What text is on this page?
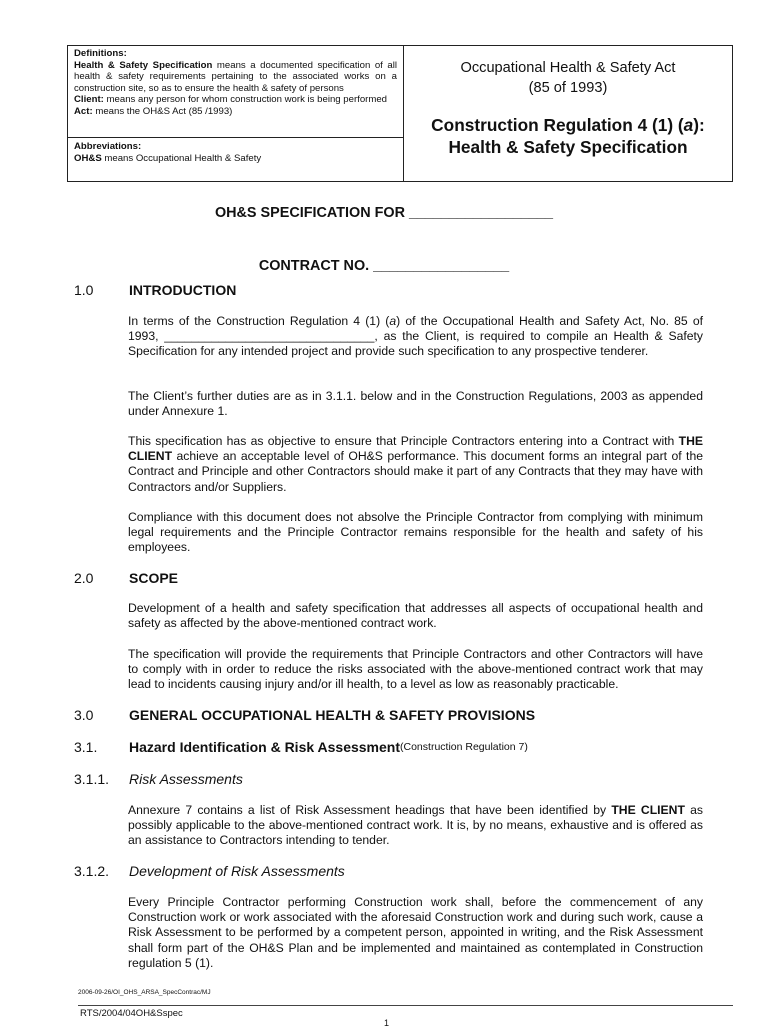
Definitions:
Health & Safety Specification means a documented specification of all health & safety requirements pertaining to the associated works on a construction site, so as to ensure the health & safety of persons
Client: means any person for whom construction work is being performed
Act: means the OH&S Act (85 /1993)
Abbreviations:
OH&S means Occupational Health & Safety
Occupational Health & Safety Act
(85 of 1993)
Construction Regulation 4 (1) (a):
Health & Safety Specification
OH&S SPECIFICATION FOR __________________
CONTRACT NO. _________________
1.0	INTRODUCTION

In terms of the Construction Regulation 4 (1) (a) of the Occupational Health and Safety Act, No. 85 of 1993, _______________________________, as the Client, is required to compile an Health & Safety Specification for any intended project and provide such specification to any prospective tenderer.

The Client’s further duties are as in 3.1.1. below and in the Construction Regulations, 2003 as appended under Annexure 1.

This specification has as objective to ensure that Principle Contractors entering into a Contract with THE CLIENT achieve an acceptable level of OH&S performance. This document forms an integral part of the Contract and Principle and other Contractors should make it part of any Contracts that they may have with Contractors and/or Suppliers.

Compliance with this document does not absolve the Principle Contractor from complying with minimum legal requirements and the Principle Contractor remains responsible for the health and safety of his employees.

2.0	SCOPE

Development of a health and safety specification that addresses all aspects of occupational health and safety as affected by the above-mentioned contract work.

The specification will provide the requirements that Principle Contractors and other Contractors will have to comply with in order to reduce the risks associated with the above-mentioned contract work that may lead to incidents causing injury and/or ill health, to a level as low as reasonably practicable.

3.0	GENERAL OCCUPATIONAL HEALTH & SAFETY PROVISIONS
3.1.	Hazard Identification & Risk Assessment (Construction Regulation 7)
3.1.1.	Risk Assessments

Annexure 7 contains a list of Risk Assessment headings that have been identified by THE CLIENT as possibly applicable to the above-mentioned contract work. It is, by no means, exhaustive and is offered as an assistance to Contractors intending to tender.

3.1.2.	Development of Risk Assessments

Every Principle Contractor performing Construction work shall, before the commencement of any Construction work or work associated with the aforesaid Construction work and during such work, cause a Risk Assessment to be performed by a competent person, appointed in writing, and the Risk Assessment shall form part of the OH&S Plan and be implemented and maintained as contemplated in Construction regulation 5 (1).

2006-09-26/OI_OHS_ARSA_SpecContrac/MJ
RTS/2004/04OH&Sspec
1
